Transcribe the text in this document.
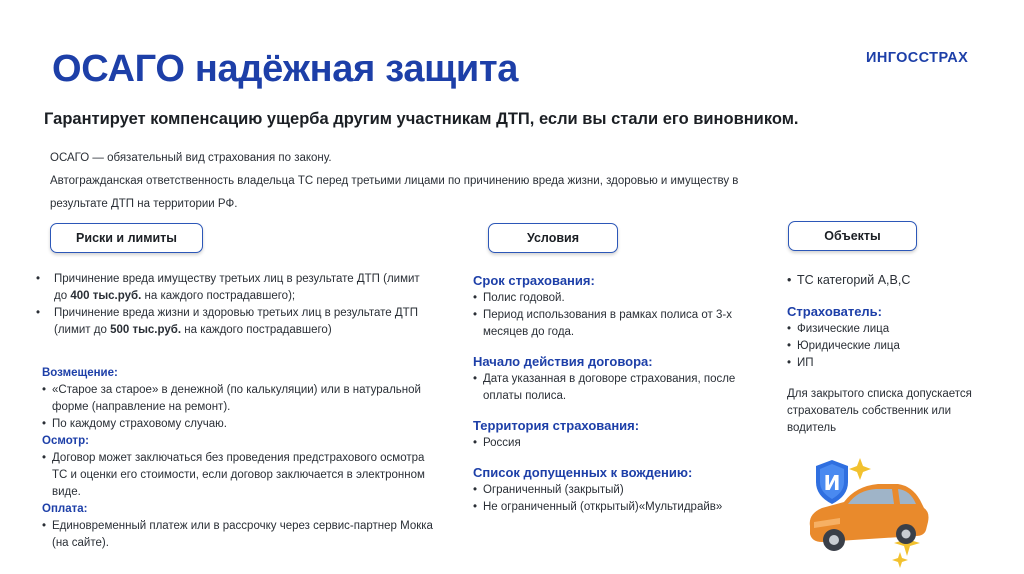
ОСАГО надёжная защита	ИНГОССТРАХ
Гарантирует компенсацию ущерба другим участникам ДТП, если вы стали его виновником.
ОСАГО — обязательный вид страхования по закону.
Автогражданская ответственность владельца ТС перед третьими лицами по причинению вреда жизни, здоровью и имуществу в
результате ДТП на территории РФ.
Риски и лимиты	Условия	Объекты
• Причинение вреда имуществу третьих лиц в результате ДТП (лимит до 400 тыс.руб. на каждого пострадавшего);
• Причинение вреда жизни и здоровью третьих лиц в результате ДТП (лимит до 500 тыс.руб. на каждого пострадавшего)
Возмещение:
• «Старое за старое» в денежной (по калькуляции) или в натуральной форме (направление на ремонт).
• По каждому страховому случаю.
Осмотр:
• Договор может заключаться без проведения предстрахового осмотра ТС и оценки его стоимости, если договор заключается в электронном виде.
Оплата:
• Единовременный платеж или в рассрочку через сервис-партнер Мокка (на сайте).
Срок страхования:
• Полис годовой.
• Период использования в рамках полиса от 3-х месяцев до года.
Начало действия договора:
• Дата указанная в договоре страхования, после оплаты полиса.
Территория страхования:
• Россия
Список допущенных к вождению:
• Ограниченный (закрытый)
• Не ограниченный (открытый)«Мультидрайв»
• ТС категорий А,В,С
Страхователь:
• Физические лица
• Юридические лица
• ИП
Для закрытого списка допускается страхователь собственник или водитель
И
